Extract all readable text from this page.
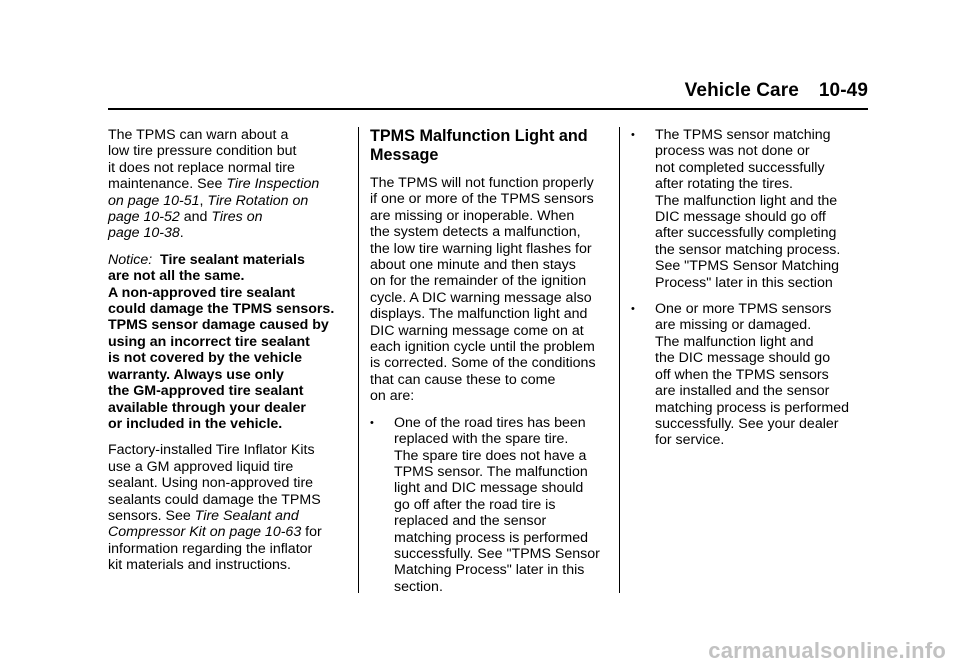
Vehicle Care 10-49

The TPMS can warn about a
low tire pressure condition but
it does not replace normal tire
maintenance. See Tire Inspection
on page 10-51, Tire Rotation on
page 10-52 and Tires on
page 10-38.

Notice: Tire sealant materials
are not all the same.
A non-approved tire sealant
could damage the TPMS sensors.
TPMS sensor damage caused by
using an incorrect tire sealant
is not covered by the vehicle
warranty. Always use only
the GM-approved tire sealant
available through your dealer
or included in the vehicle.

Factory-installed Tire Inflator Kits
use a GM approved liquid tire
sealant. Using non-approved tire
sealants could damage the TPMS
sensors. See Tire Sealant and
Compressor Kit on page 10-63 for
information regarding the inflator
kit materials and instructions.

TPMS Malfunction Light and
Message

The TPMS will not function properly
if one or more of the TPMS sensors
are missing or inoperable. When
the system detects a malfunction,
the low tire warning light flashes for
about one minute and then stays
on for the remainder of the ignition
cycle. A DIC warning message also
displays. The malfunction light and
DIC warning message come on at
each ignition cycle until the problem
is corrected. Some of the conditions
that can cause these to come
on are:

• One of the road tires has been
replaced with the spare tire.
The spare tire does not have a
TPMS sensor. The malfunction
light and DIC message should
go off after the road tire is
replaced and the sensor
matching process is performed
successfully. See "TPMS Sensor
Matching Process" later in this
section.
• The TPMS sensor matching
process was not done or
not completed successfully
after rotating the tires.
The malfunction light and the
DIC message should go off
after successfully completing
the sensor matching process.
See "TPMS Sensor Matching
Process" later in this section
• One or more TPMS sensors
are missing or damaged.
The malfunction light and
the DIC message should go
off when the TPMS sensors
are installed and the sensor
matching process is performed
successfully. See your dealer
for service.
carmanualsonline.info
